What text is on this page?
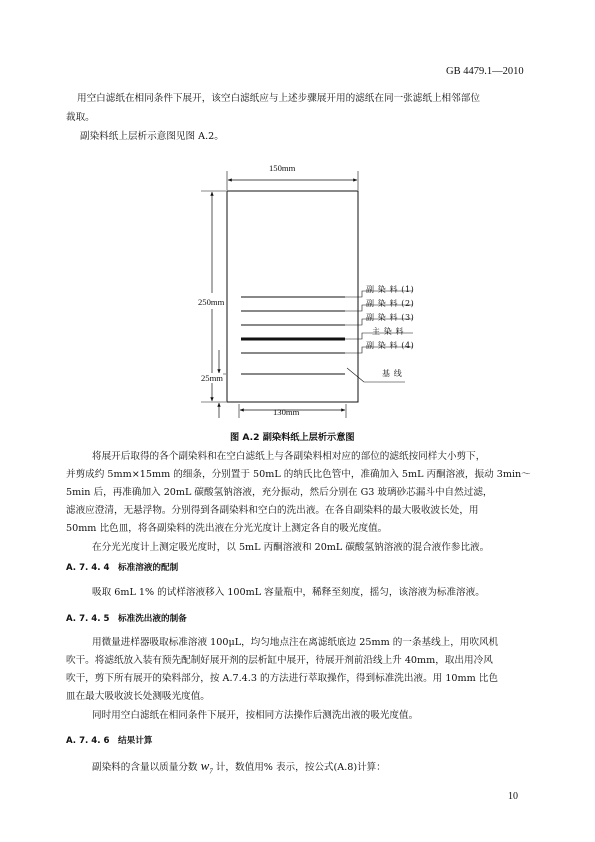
GB 4479.1—2010
用空白滤纸在相同条件下展开，该空白滤纸应与上述步骤展开用的滤纸在同一张滤纸上相邻部位
裁取。
副染料纸上层析示意图见图 A.2。
150mm
250mm
25mm
130mm
副 染 料 (1)
副 染 料 (2)
副 染 料 (3)
主 染 料
副 染 料 (4)
基 线
图 A.2 副染料纸上层析示意图
将展开后取得的各个副染料和在空白滤纸上与各副染料相对应的部位的滤纸按同样大小剪下，
并剪成约 5mm×15mm 的细条，分别置于 50mL 的纳氏比色管中，准确加入 5mL 丙酮溶液，振动 3min～
5min 后，再准确加入 20mL 碳酸氢钠溶液，充分振动，然后分别在 G3 玻璃砂芯漏斗中自然过滤，
滤液应澄清，无悬浮物。分别得到各副染料和空白的洗出液。在各自副染料的最大吸收波长处，用
50mm 比色皿，将各副染料的洗出液在分光光度计上测定各自的吸光度值。
在分光光度计上测定吸光度时，以 5mL 丙酮溶液和 20mL 碳酸氢钠溶液的混合液作参比液。
A. 7. 4. 4 标准溶液的配制
吸取 6mL 1% 的试样溶液移入 100mL 容量瓶中，稀释至刻度，摇匀，该溶液为标准溶液。
A. 7. 4. 5 标准洗出液的制备
用微量进样器吸取标准溶液 100μL，均匀地点注在离滤纸底边 25mm 的一条基线上，用吹风机
吹干。将滤纸放入装有预先配制好展开剂的层析缸中展开，待展开剂前沿线上升 40mm，取出用冷风
吹干，剪下所有展开的染料部分，按 A.7.4.3 的方法进行萃取操作，得到标准洗出液。用 10mm 比色
皿在最大吸收波长处测吸光度值。
同时用空白滤纸在相同条件下展开，按相同方法操作后测洗出液的吸光度值。
A. 7. 4. 6 结果计算
副染料的含量以质量分数 $w_7$ 计，数值用% 表示，按公式(A.8)计算：
10
